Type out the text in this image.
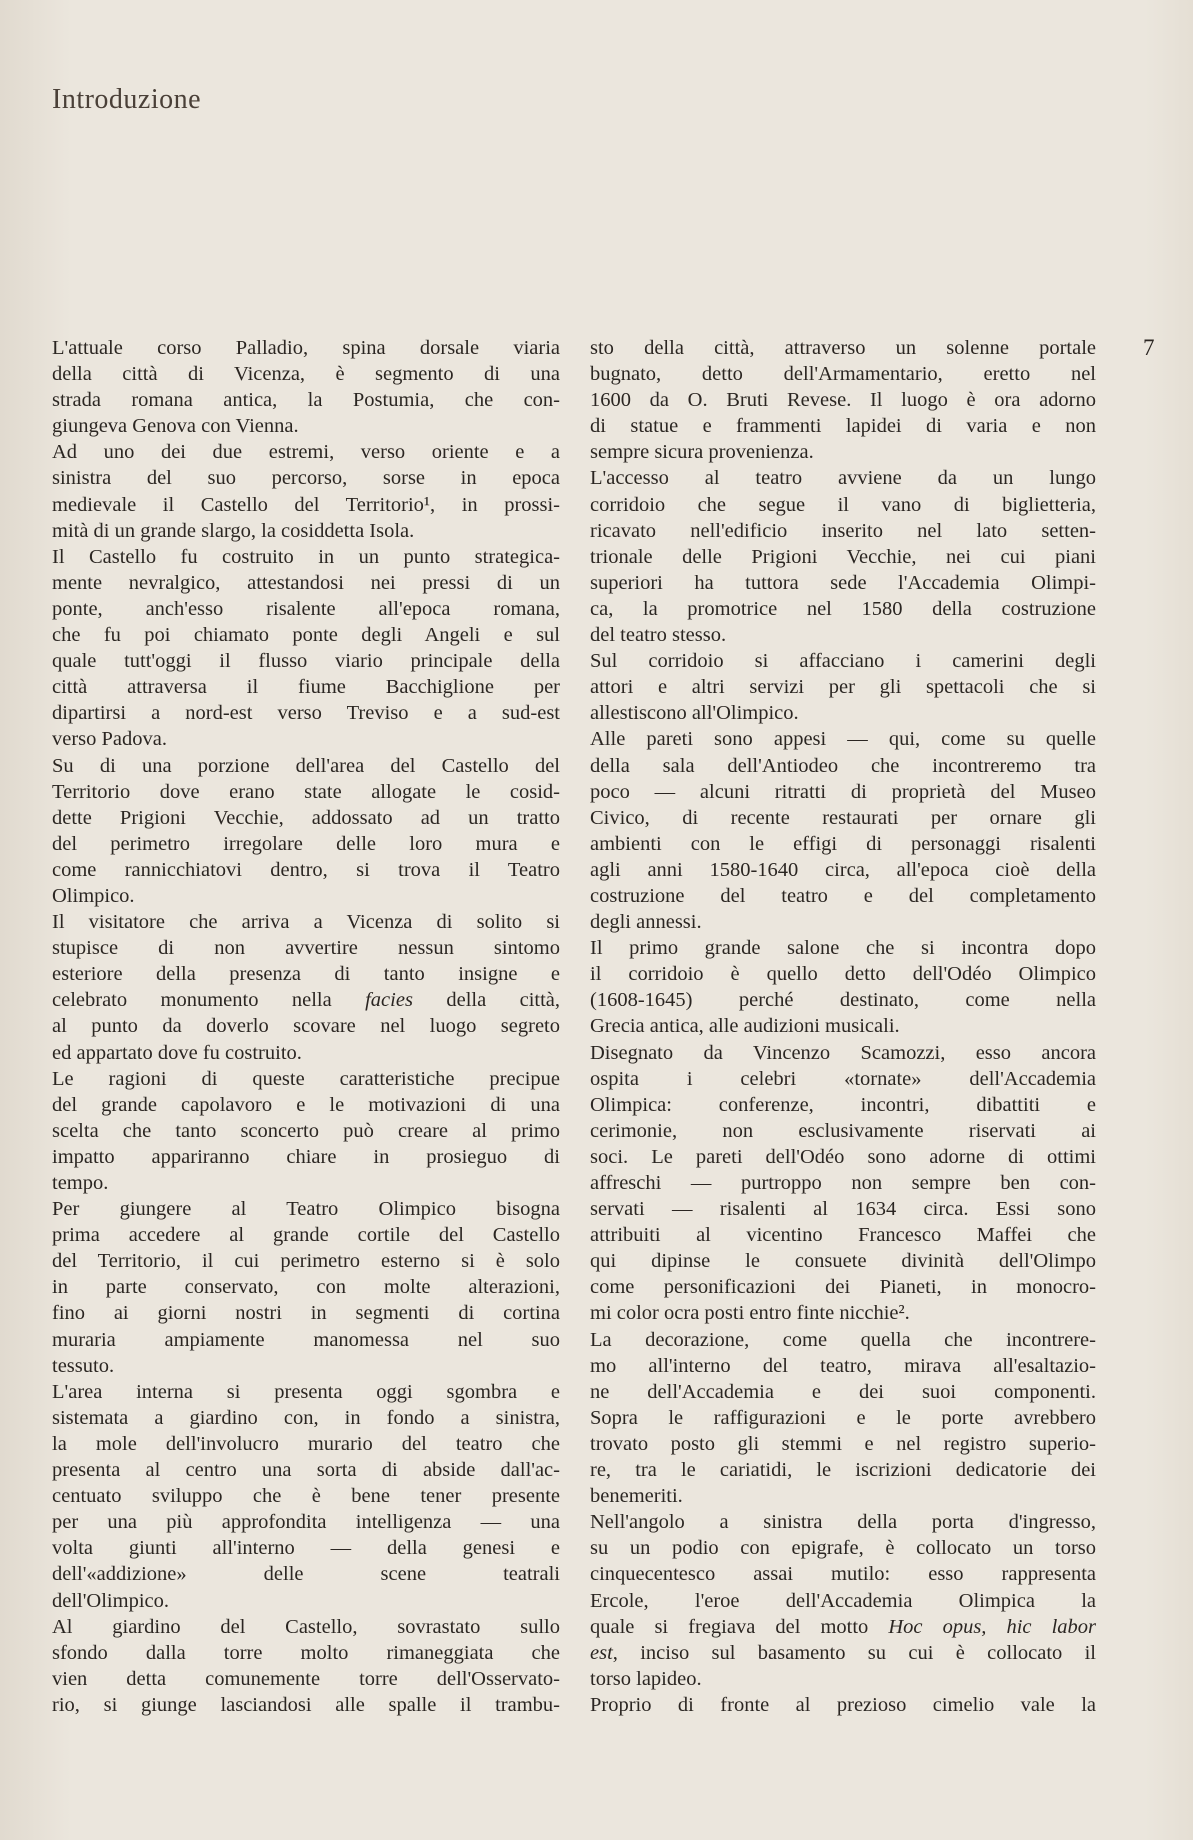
Introduzione
7
L'attuale corso Palladio, spina dorsale viaria
della città di Vicenza, è segmento di una
strada romana antica, la Postumia, che con-
giungeva Genova con Vienna.
Ad uno dei due estremi, verso oriente e a
sinistra del suo percorso, sorse in epoca
medievale il Castello del Territorio¹, in prossi-
mità di un grande slargo, la cosiddetta Isola.
Il Castello fu costruito in un punto strategica-
mente nevralgico, attestandosi nei pressi di un
ponte, anch'esso risalente all'epoca romana,
che fu poi chiamato ponte degli Angeli e sul
quale tutt'oggi il flusso viario principale della
città attraversa il fiume Bacchiglione per
dipartirsi a nord-est verso Treviso e a sud-est
verso Padova.
Su di una porzione dell'area del Castello del
Territorio dove erano state allogate le cosid-
dette Prigioni Vecchie, addossato ad un tratto
del perimetro irregolare delle loro mura e
come rannicchiatovi dentro, si trova il Teatro
Olimpico.
Il visitatore che arriva a Vicenza di solito si
stupisce di non avvertire nessun sintomo
esteriore della presenza di tanto insigne e
celebrato monumento nella facies della città,
al punto da doverlo scovare nel luogo segreto
ed appartato dove fu costruito.
Le ragioni di queste caratteristiche precipue
del grande capolavoro e le motivazioni di una
scelta che tanto sconcerto può creare al primo
impatto appariranno chiare in prosieguo di
tempo.
Per giungere al Teatro Olimpico bisogna
prima accedere al grande cortile del Castello
del Territorio, il cui perimetro esterno si è solo
in parte conservato, con molte alterazioni,
fino ai giorni nostri in segmenti di cortina
muraria ampiamente manomessa nel suo
tessuto.
L'area interna si presenta oggi sgombra e
sistemata a giardino con, in fondo a sinistra,
la mole dell'involucro murario del teatro che
presenta al centro una sorta di abside dall'ac-
centuato sviluppo che è bene tener presente
per una più approfondita intelligenza — una
volta giunti all'interno — della genesi e
dell'«addizione» delle scene teatrali
dell'Olimpico.
Al giardino del Castello, sovrastato sullo
sfondo dalla torre molto rimaneggiata che
vien detta comunemente torre dell'Osservato-
rio, si giunge lasciandosi alle spalle il trambu-
sto della città, attraverso un solenne portale
bugnato, detto dell'Armamentario, eretto nel
1600 da O. Bruti Revese. Il luogo è ora adorno
di statue e frammenti lapidei di varia e non
sempre sicura provenienza.
L'accesso al teatro avviene da un lungo
corridoio che segue il vano di biglietteria,
ricavato nell'edificio inserito nel lato setten-
trionale delle Prigioni Vecchie, nei cui piani
superiori ha tuttora sede l'Accademia Olimpi-
ca, la promotrice nel 1580 della costruzione
del teatro stesso.
Sul corridoio si affacciano i camerini degli
attori e altri servizi per gli spettacoli che si
allestiscono all'Olimpico.
Alle pareti sono appesi — qui, come su quelle
della sala dell'Antiodeo che incontreremo tra
poco — alcuni ritratti di proprietà del Museo
Civico, di recente restaurati per ornare gli
ambienti con le effigi di personaggi risalenti
agli anni 1580-1640 circa, all'epoca cioè della
costruzione del teatro e del completamento
degli annessi.
Il primo grande salone che si incontra dopo
il corridoio è quello detto dell'Odéo Olimpico
(1608-1645) perché destinato, come nella
Grecia antica, alle audizioni musicali.
Disegnato da Vincenzo Scamozzi, esso ancora
ospita i celebri «tornate» dell'Accademia
Olimpica: conferenze, incontri, dibattiti e
cerimonie, non esclusivamente riservati ai
soci. Le pareti dell'Odéo sono adorne di ottimi
affreschi — purtroppo non sempre ben con-
servati — risalenti al 1634 circa. Essi sono
attribuiti al vicentino Francesco Maffei che
qui dipinse le consuete divinità dell'Olimpo
come personificazioni dei Pianeti, in monocro-
mi color ocra posti entro finte nicchie².
La decorazione, come quella che incontrere-
mo all'interno del teatro, mirava all'esaltazio-
ne dell'Accademia e dei suoi componenti.
Sopra le raffigurazioni e le porte avrebbero
trovato posto gli stemmi e nel registro superio-
re, tra le cariatidi, le iscrizioni dedicatorie dei
benemeriti.
Nell'angolo a sinistra della porta d'ingresso,
su un podio con epigrafe, è collocato un torso
cinquecentesco assai mutilo: esso rappresenta
Ercole, l'eroe dell'Accademia Olimpica la
quale si fregiava del motto Hoc opus, hic labor
est, inciso sul basamento su cui è collocato il
torso lapideo.
Proprio di fronte al prezioso cimelio vale la
